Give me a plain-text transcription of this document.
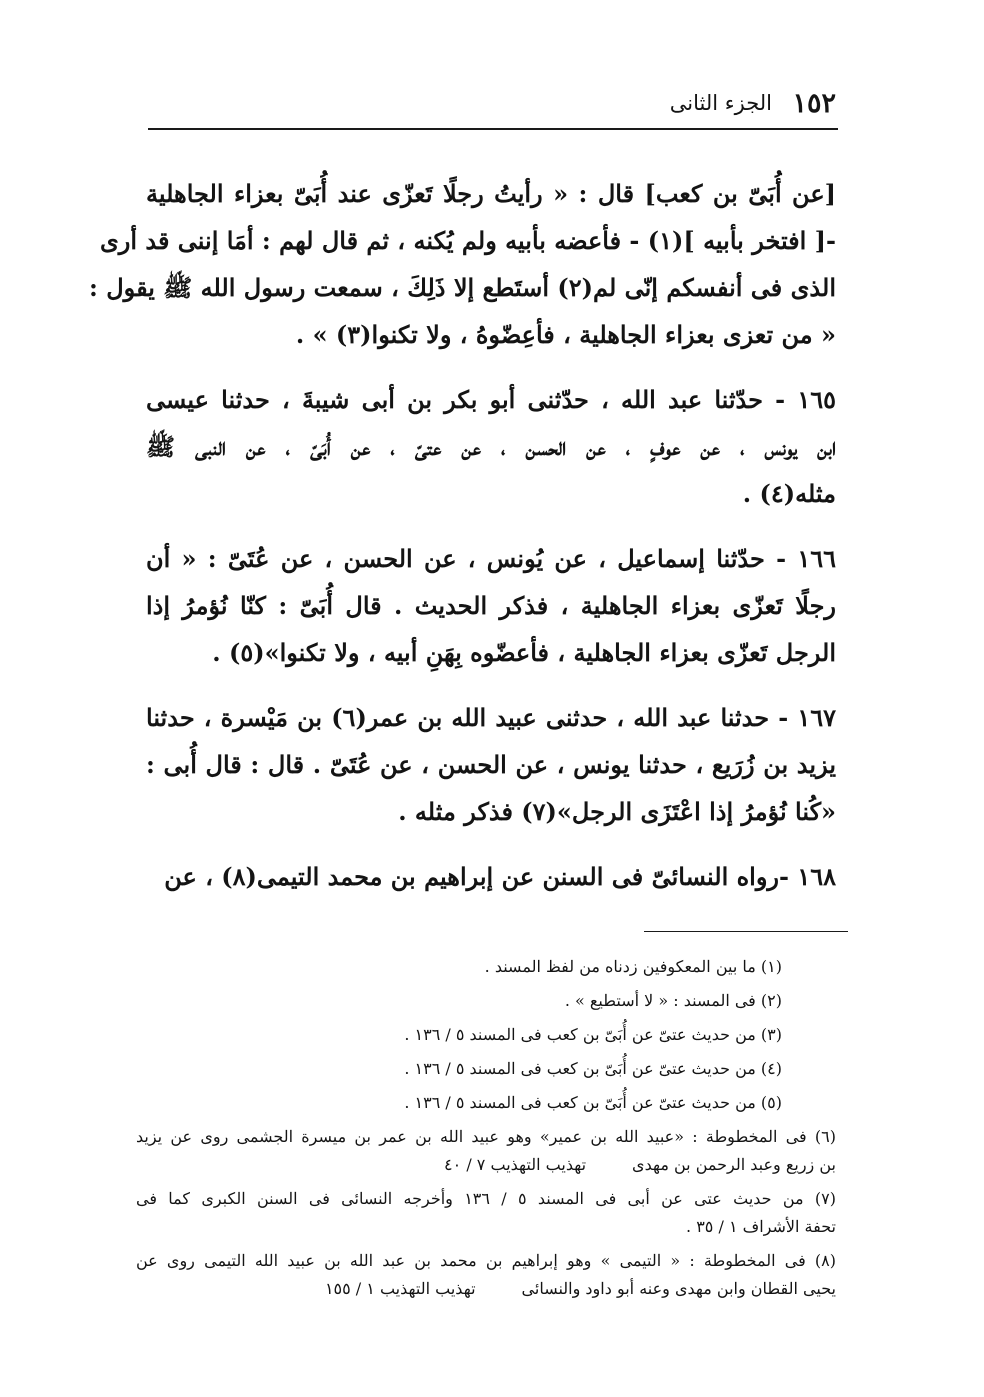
١٥٢
الجزء الثانى
[عن أُبَىّ بن كعب] قال : « رأيتُ رجلًا تَعزّى عند أُبَىّ بعزاء الجاهلية
-[ افتخر بأبيه ](١) - فأعضه بأبيه ولم يُكنه ، ثم قال لهم : أمَا إننى قد أرى
الذى فى أنفسكم إنّى لم(٢) أستَطع إلا ذَلِكَ ، سمعت رسول الله ﷺ يقول :
« من تعزى بعزاء الجاهلية ، فأعِضّوهُ ، ولا تكنوا(٣) » .
١٦٥ - حدّثنا عبد الله ، حدّثنى أبو بكر بن أبى شيبةَ ، حدثنا عيسى
ابن يونس ، عن عوفٍ ، عن الحسن ، عن عتىّ ، عن أُبَىّ ، عن النبى ﷺ
مثله(٤) .
١٦٦ - حدّثنا إسماعيل ، عن يُونس ، عن الحسن ، عن عُتَىّ : « أن
رجلًا تَعزّى بعزاء الجاهلية ، فذكر الحديث . قال أُبَىّ : كنّا نُؤمرُ إذا
الرجل تَعزّى بعزاء الجاهلية ، فأعضّوه بِهَنِ أبيه ، ولا تكنوا»(٥) .
١٦٧ - حدثنا عبد الله ، حدثنى عبيد الله بن عمر(٦) بن مَيْسرة ، حدثنا
يزيد بن زُرَيع ، حدثنا يونس ، عن الحسن ، عن عُتَىّ . قال : قال أُبى :
«كُنا نُؤمرُ إذا اعْتَزَى الرجل»(٧) فذكر مثله .
١٦٨ -رواه النسائىّ فى السنن عن إبراهيم بن محمد التيمى(٨) ، عن
(١) ما بين المعكوفين زدناه من لفظ المسند .
(٢) فى المسند : « لا أستطيع » .
(٣) من حديث عتىّ عن أُبَىّ بن كعب فى المسند ٥ / ١٣٦ .
(٤) من حديث عتىّ عن أُبَىّ بن كعب فى المسند ٥ / ١٣٦ .
(٥) من حديث عتىّ عن أُبَىّ بن كعب فى المسند ٥ / ١٣٦ .
(٦) فى المخطوطة : «عبيد الله بن عمير» وهو عبيد الله بن عمر بن ميسرة الجشمى روى عن يزيد
بن زريع وعبد الرحمن بن مهدى
تهذيب التهذيب ٧ / ٤٠
(٧) من حديث عتى عن أبى فى المسند ٥ / ١٣٦ وأخرجه النسائى فى السنن الكبرى كما فى
تحفة الأشراف ١ / ٣٥ .
(٨) فى المخطوطة : « التيمى » وهو إبراهيم بن محمد بن عبد الله بن عبيد الله التيمى روى عن
يحيى القطان وابن مهدى وعنه أبو داود والنسائى
تهذيب التهذيب ١ / ١٥٥
